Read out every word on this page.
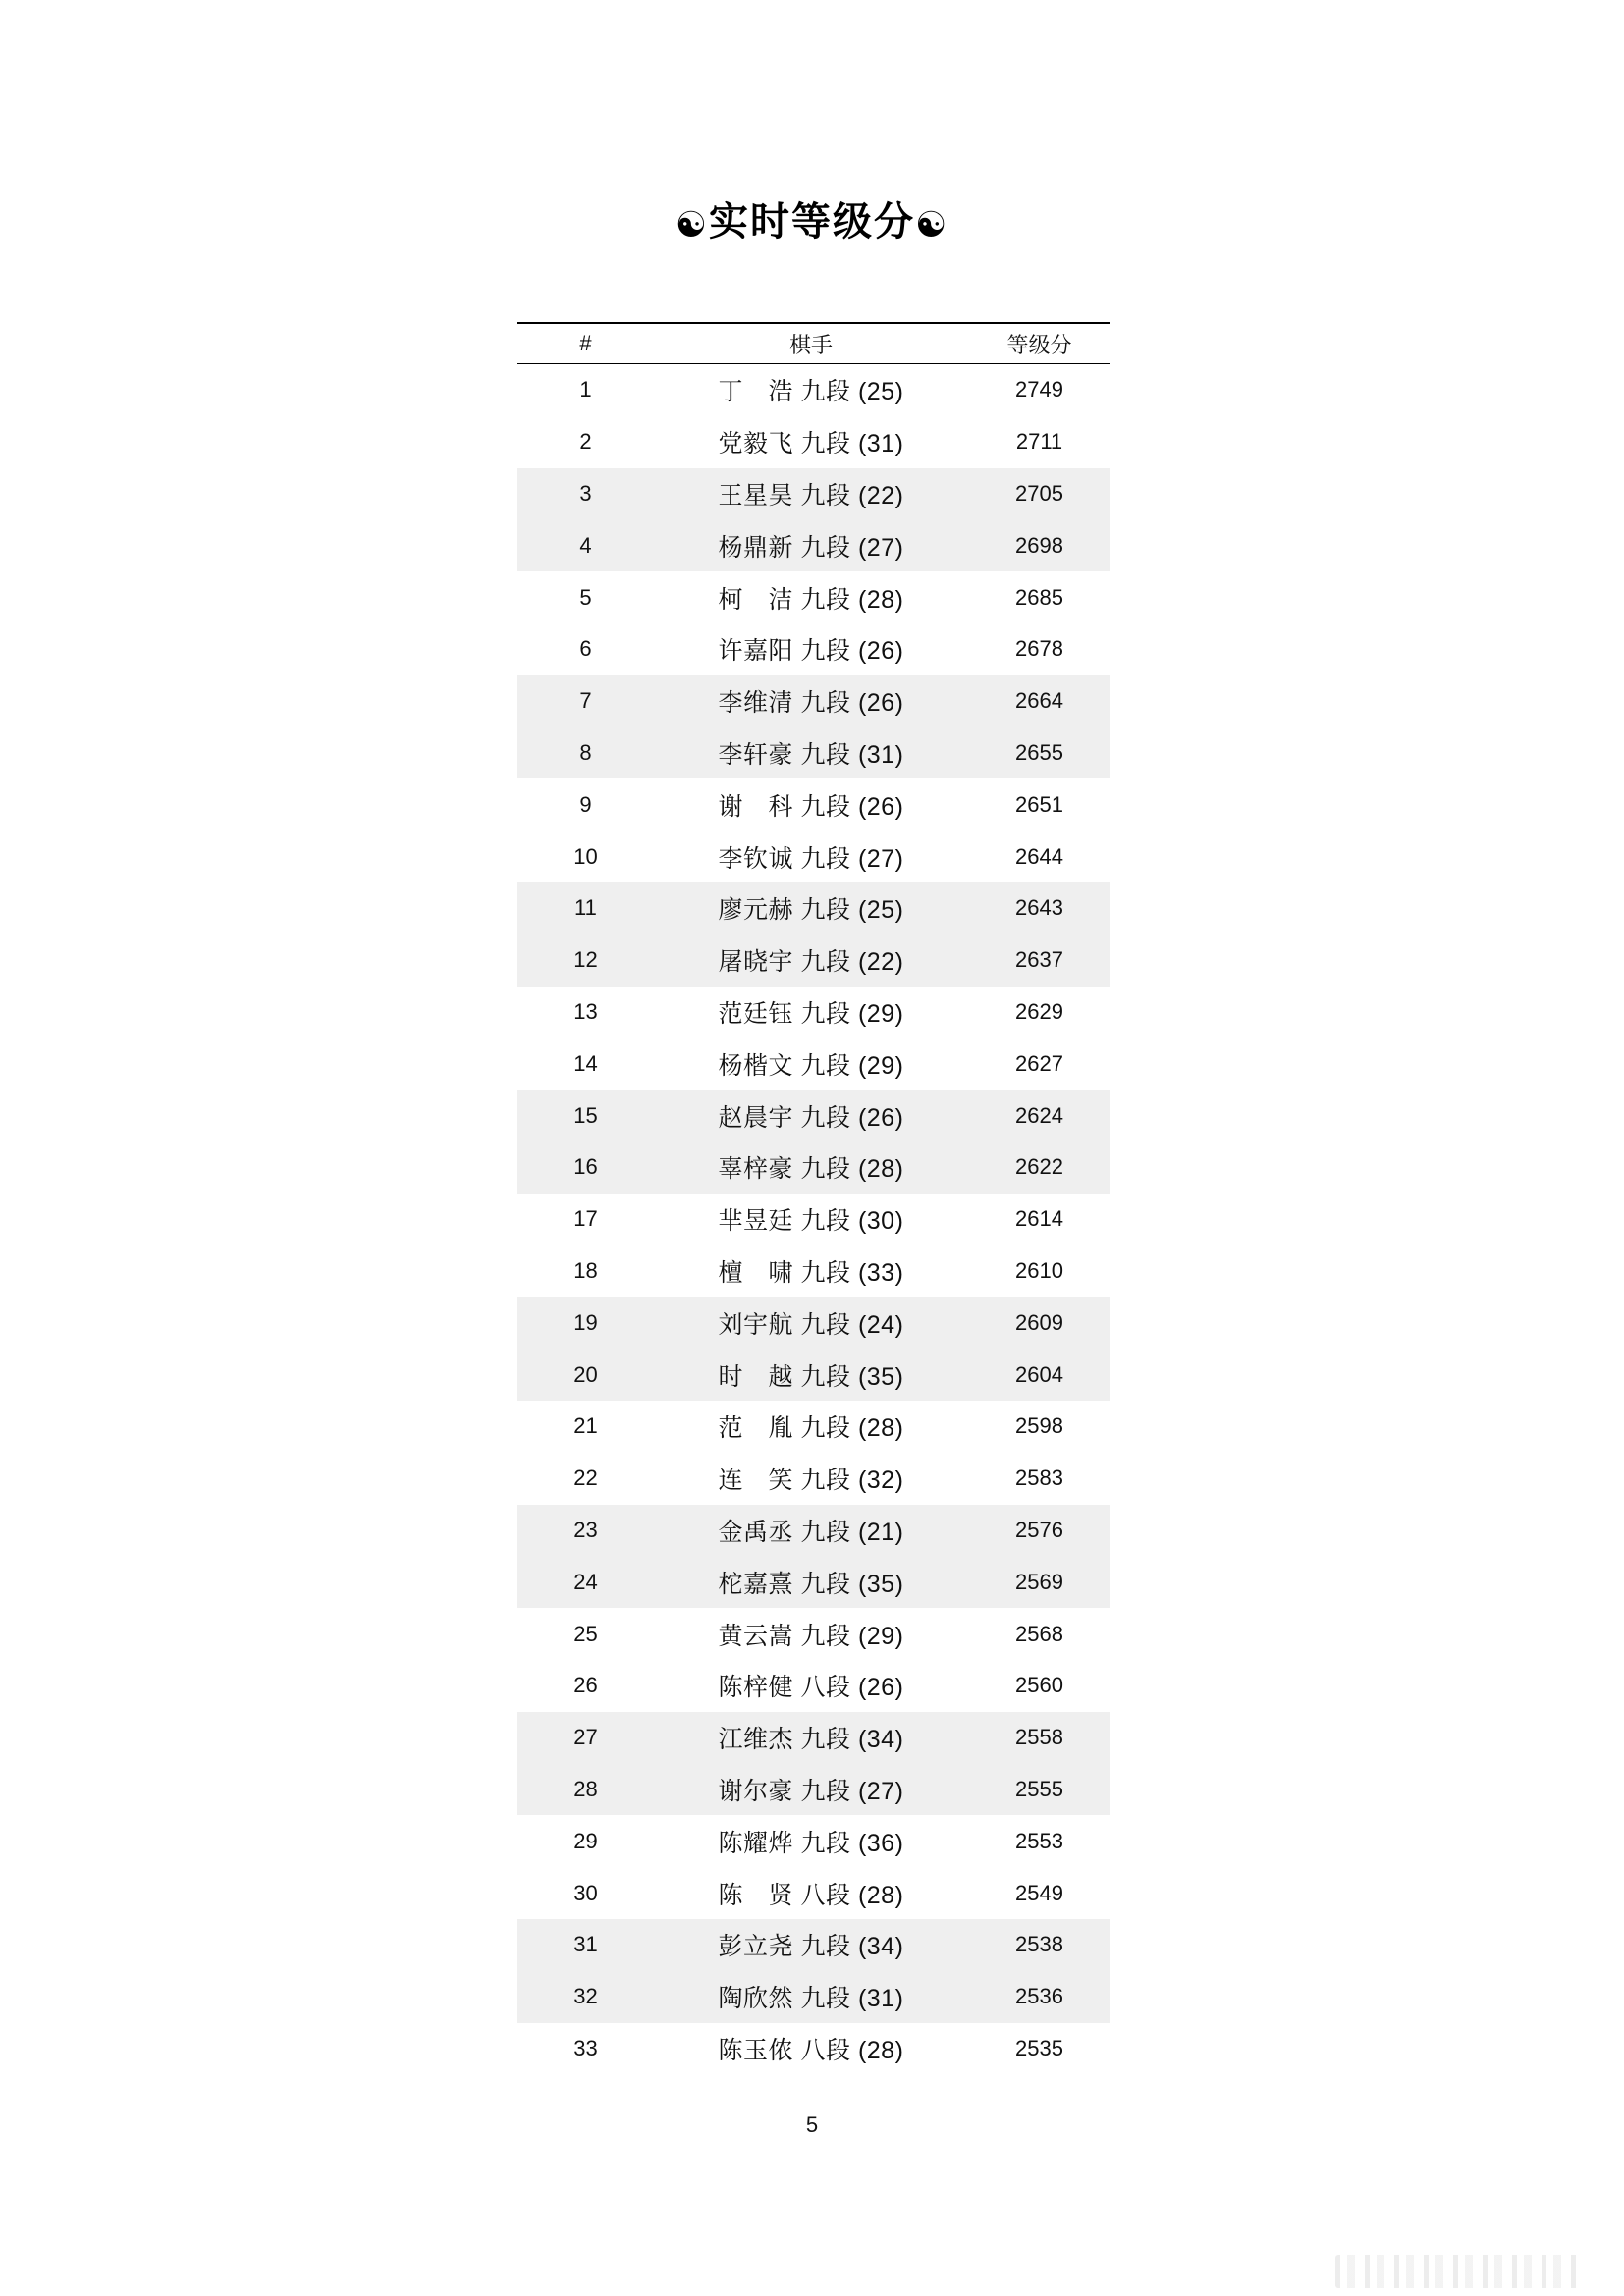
☯实时等级分☯
#	棋手	等级分
1	丁　浩 九段 (25)	2749
2	党毅飞 九段 (31)	2711
3	王星昊 九段 (22)	2705
4	杨鼎新 九段 (27)	2698
5	柯　洁 九段 (28)	2685
6	许嘉阳 九段 (26)	2678
7	李维清 九段 (26)	2664
8	李轩豪 九段 (31)	2655
9	谢　科 九段 (26)	2651
10	李钦诚 九段 (27)	2644
11	廖元赫 九段 (25)	2643
12	屠晓宇 九段 (22)	2637
13	范廷钰 九段 (29)	2629
14	杨楷文 九段 (29)	2627
15	赵晨宇 九段 (26)	2624
16	辜梓豪 九段 (28)	2622
17	芈昱廷 九段 (30)	2614
18	檀　啸 九段 (33)	2610
19	刘宇航 九段 (24)	2609
20	时　越 九段 (35)	2604
21	范　胤 九段 (28)	2598
22	连　笑 九段 (32)	2583
23	金禹丞 九段 (21)	2576
24	柁嘉熹 九段 (35)	2569
25	黄云嵩 九段 (29)	2568
26	陈梓健 八段 (26)	2560
27	江维杰 九段 (34)	2558
28	谢尔豪 九段 (27)	2555
29	陈耀烨 九段 (36)	2553
30	陈　贤 八段 (28)	2549
31	彭立尧 九段 (34)	2538
32	陶欣然 九段 (31)	2536
33	陈玉侬 八段 (28)	2535
5
